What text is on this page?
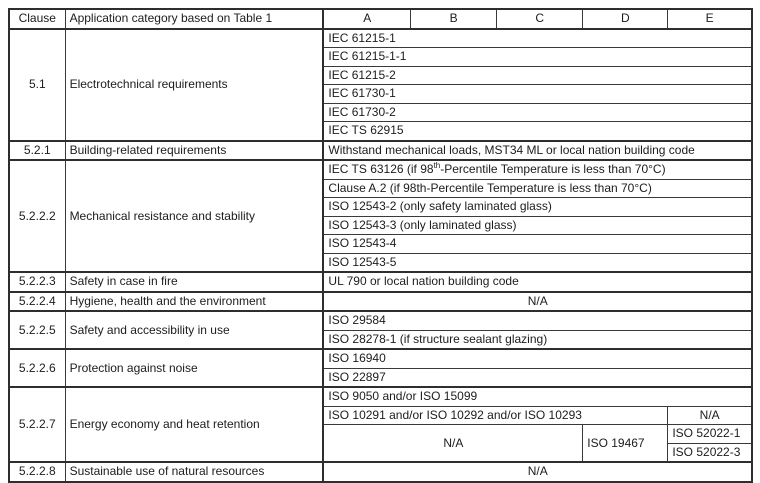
Clause	Application category based on Table 1	A	B	C	D	E
5.1	Electrotechnical requirements	IEC 61215-1				
		IEC 61215-1-1				
		IEC 61215-2				
		IEC 61730-1				
		IEC 61730-2				
		IEC TS 62915				
5.2.1	Building-related requirements	Withstand mechanical loads, MST34 ML or local nation building code				
5.2.2.2	Mechanical resistance and stability	IEC TS 63126 (if 98th-Percentile Temperature is less than 70°C)				
		Clause A.2 (if 98th-Percentile Temperature is less than 70°C)				
		ISO 12543-2 (only safety laminated glass)				
		ISO 12543-3 (only laminated glass)				
		ISO 12543-4				
		ISO 12543-5				
5.2.2.3	Safety in case in fire	UL 790 or local nation building code				
5.2.2.4	Hygiene, health and the environment	N/A				
5.2.2.5	Safety and accessibility in use	ISO 29584				
		ISO 28278-1 (if structure sealant glazing)				
5.2.2.6	Protection against noise	ISO 16940				
		ISO 22897				
5.2.2.7	Energy economy and heat retention	ISO 9050 and/or ISO 15099				
		ISO 10291 and/or ISO 10292 and/or ISO 10293				N/A
		N/A			ISO 19467	ISO 52022-1
						ISO 52022-3
5.2.2.8	Sustainable use of natural resources	N/A				
